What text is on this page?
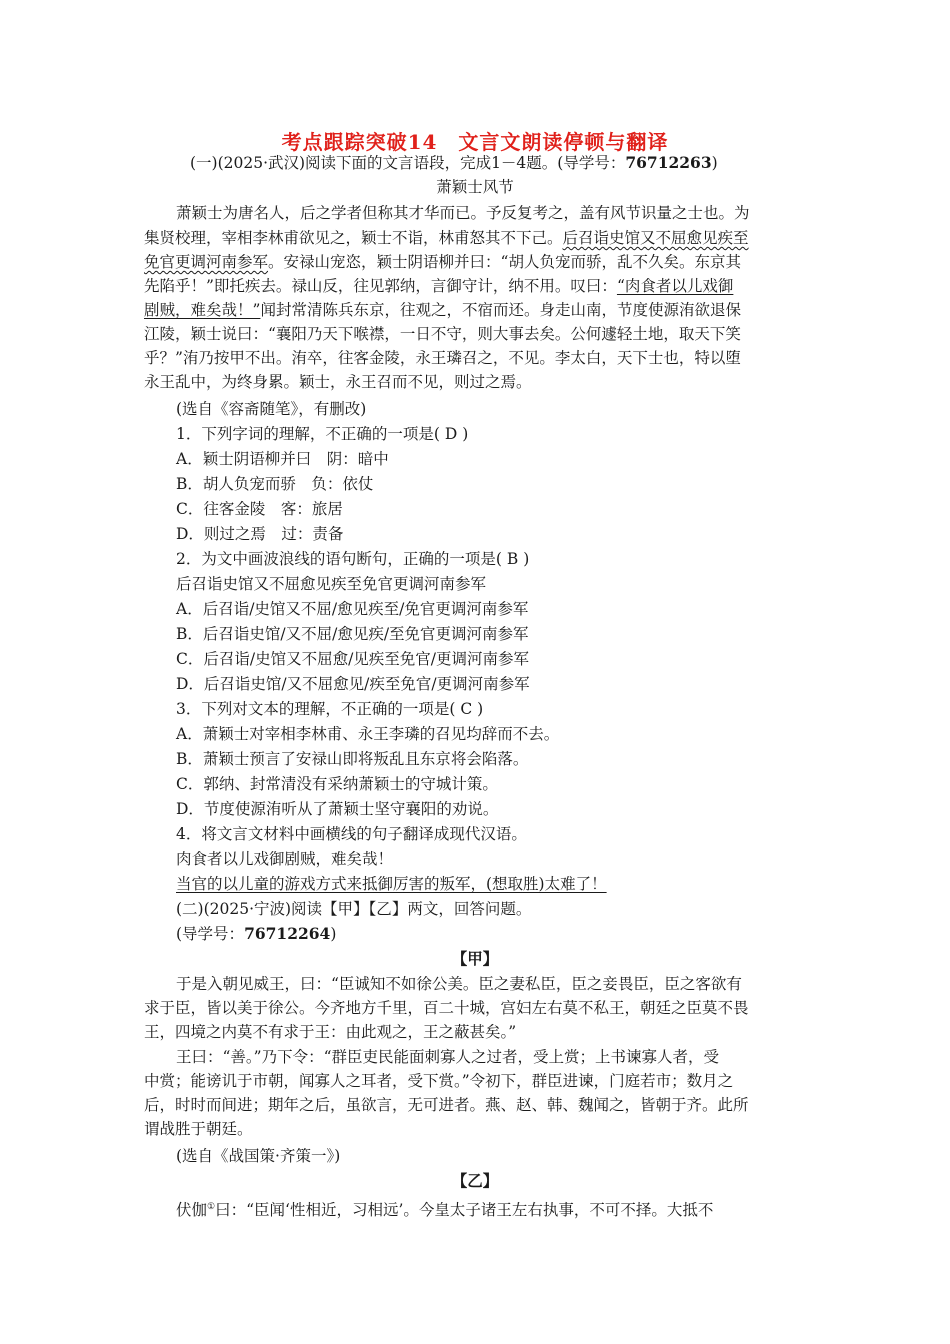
考点跟踪突破14　文言文朗读停顿与翻译
(一)(2025·武汉)阅读下面的文言语段，完成1－4题。(导学号：76712263)
萧颖士风节
萧颖士为唐名人，后之学者但称其才华而已。予反复考之，盖有风节识量之士也。为
集贤校理，宰相李林甫欲见之，颖士不诣，林甫怒其不下己。后召诣史馆又不屈愈见疾至
免官更调河南参军。安禄山宠恣，颖士阴语柳并曰：“胡人负宠而骄，乱不久矣。东京其
先陷乎！”即托疾去。禄山反，往见郭纳，言御守计，纳不用。叹曰：“肉食者以儿戏御
剧贼，难矣哉！”闻封常清陈兵东京，往观之，不宿而还。身走山南，节度使源洧欲退保
江陵，颖士说曰：“襄阳乃天下喉襟，一日不守，则大事去矣。公何遽轻土地，取天下笑
乎？”洧乃按甲不出。洧卒，往客金陵，永王璘召之，不见。李太白，天下士也，特以堕
永王乱中，为终身累。颖士，永王召而不见，则过之焉。
(选自《容斋随笔》，有删改)
1．下列字词的理解，不正确的一项是( D )
A．颖士阴语柳并曰　阴：暗中
B．胡人负宠而骄　负：依仗
C．往客金陵　客：旅居
D．则过之焉　过：责备
2．为文中画波浪线的语句断句，正确的一项是( B )
后召诣史馆又不屈愈见疾至免官更调河南参军
A．后召诣/史馆又不屈/愈见疾至/免官更调河南参军
B．后召诣史馆/又不屈/愈见疾/至免官更调河南参军
C．后召诣/史馆又不屈愈/见疾至免官/更调河南参军
D．后召诣史馆/又不屈愈见/疾至免官/更调河南参军
3．下列对文本的理解，不正确的一项是( C )
A．萧颖士对宰相李林甫、永王李璘的召见均辞而不去。
B．萧颖士预言了安禄山即将叛乱且东京将会陷落。
C．郭纳、封常清没有采纳萧颖士的守城计策。
D．节度使源洧听从了萧颖士坚守襄阳的劝说。
4．将文言文材料中画横线的句子翻译成现代汉语。
肉食者以儿戏御剧贼，难矣哉！
当官的以儿童的游戏方式来抵御厉害的叛军，(想取胜)太难了！
(二)(2025·宁波)阅读【甲】【乙】两文，回答问题。
(导学号：76712264)
【甲】
于是入朝见威王，曰：“臣诚知不如徐公美。臣之妻私臣，臣之妾畏臣，臣之客欲有
求于臣，皆以美于徐公。今齐地方千里，百二十城，宫妇左右莫不私王，朝廷之臣莫不畏
王，四境之内莫不有求于王：由此观之，王之蔽甚矣。”
王曰：“善。”乃下令：“群臣吏民能面刺寡人之过者，受上赏；上书谏寡人者，受
中赏；能谤讥于市朝，闻寡人之耳者，受下赏。”令初下，群臣进谏，门庭若市；数月之
后，时时而间进；期年之后，虽欲言，无可进者。燕、赵、韩、魏闻之，皆朝于齐。此所
谓战胜于朝廷。
(选自《战国策·齐策一》)
【乙】
伏伽①曰：“臣闻‘性相近，习相远’。今皇太子诸王左右执事，不可不择。大抵不
